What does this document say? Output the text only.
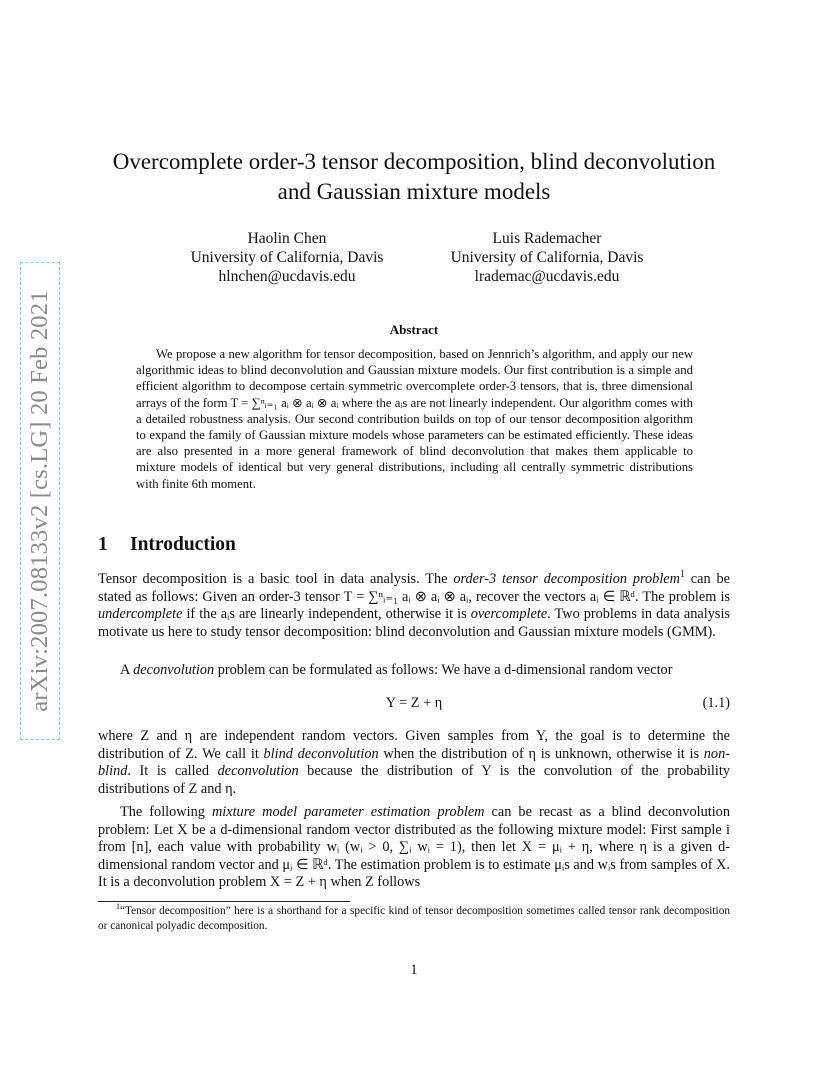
arXiv:2007.08133v2 [cs.LG] 20 Feb 2021
Overcomplete order-3 tensor decomposition, blind deconvolution and Gaussian mixture models
Haolin Chen
University of California, Davis
hlnchen@ucdavis.edu
Luis Rademacher
University of California, Davis
lrademac@ucdavis.edu
Abstract

We propose a new algorithm for tensor decomposition, based on Jennrich’s algorithm, and apply our new algorithmic ideas to blind deconvolution and Gaussian mixture models. Our first contribution is a simple and efficient algorithm to decompose certain symmetric overcomplete order-3 tensors, that is, three dimensional arrays of the form T = ∑ⁿᵢ₌₁ aᵢ ⊗ aᵢ ⊗ aᵢ where the aᵢs are not linearly independent. Our algorithm comes with a detailed robustness analysis. Our second contribution builds on top of our tensor decomposition algorithm to expand the family of Gaussian mixture models whose parameters can be estimated efficiently. These ideas are also presented in a more general framework of blind deconvolution that makes them applicable to mixture models of identical but very general distributions, including all centrally symmetric distributions with finite 6th moment.

1 Introduction

Tensor decomposition is a basic tool in data analysis. The order-3 tensor decomposition problem$^1$ can be stated as follows: Given an order-3 tensor T = ∑ⁿᵢ₌₁ aᵢ ⊗ aᵢ ⊗ aᵢ, recover the vectors aᵢ ∈ ℝᵈ. The problem is undercomplete if the aᵢs are linearly independent, otherwise it is overcomplete. Two problems in data analysis motivate us here to study tensor decomposition: blind deconvolution and Gaussian mixture models (GMM).

A deconvolution problem can be formulated as follows: We have a d-dimensional random vector

Y = Z + η	(1.1)

where Z and η are independent random vectors. Given samples from Y, the goal is to determine the distribution of Z. We call it blind deconvolution when the distribution of η is unknown, otherwise it is non-blind. It is called deconvolution because the distribution of Y is the convolution of the probability distributions of Z and η.

The following mixture model parameter estimation problem can be recast as a blind deconvolution problem: Let X be a d-dimensional random vector distributed as the following mixture model: First sample i from [n], each value with probability wᵢ (wᵢ > 0, ∑ᵢ wᵢ = 1), then let X = μᵢ + η, where η is a given d-dimensional random vector and μᵢ ∈ ℝᵈ. The estimation problem is to estimate μᵢs and wᵢs from samples of X. It is a deconvolution problem X = Z + η when Z follows

$^1$“Tensor decomposition” here is a shorthand for a specific kind of tensor decomposition sometimes called tensor rank decomposition or canonical polyadic decomposition.

1
